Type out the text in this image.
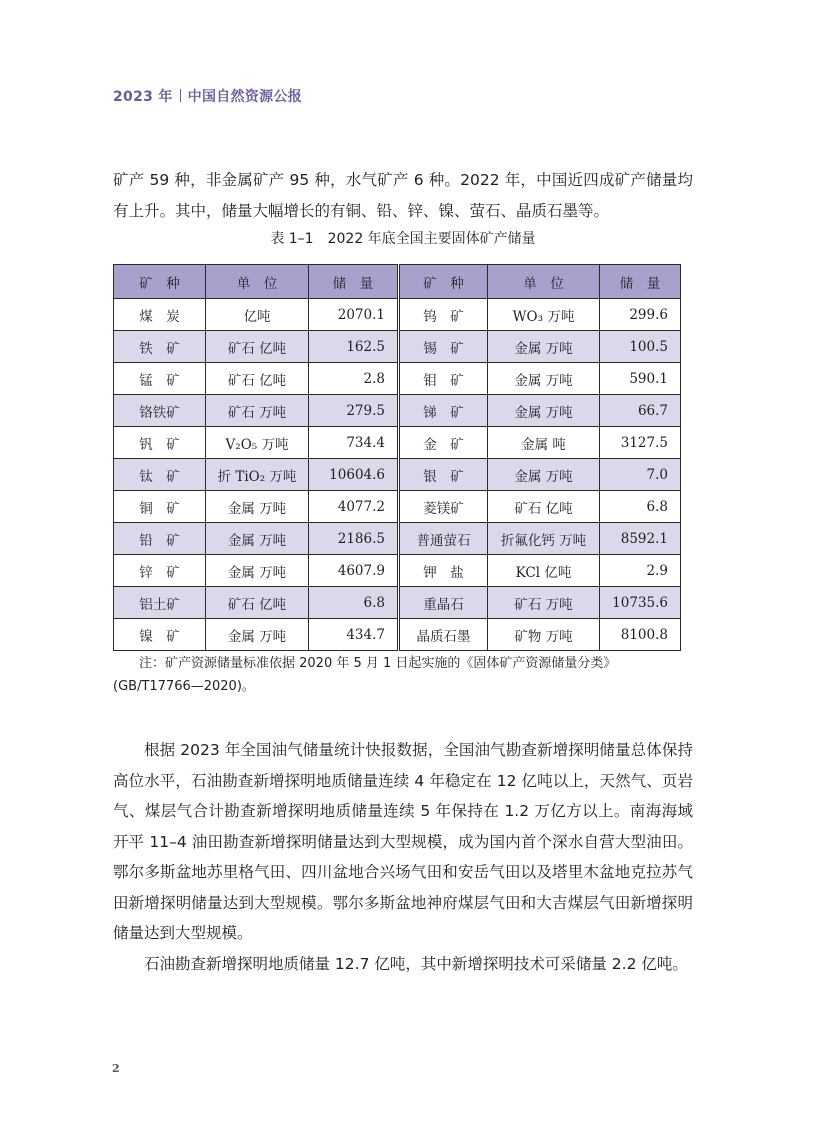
2023 年 中国自然资源公报

矿产 59 种，非金属矿产 95 种，水气矿产 6 种。2022 年，中国近四成矿产储量均有上升。其中，储量大幅增长的有铜、铅、锌、镍、萤石、晶质石墨等。

表 1–1　2022 年底全国主要固体矿产储量
矿　种	单　位	储　量	矿　种	单　位	储　量
煤　炭	亿吨	2070.1	钨　矿	WO₃ 万吨	299.6
铁　矿	矿石 亿吨	162.5	锡　矿	金属 万吨	100.5
锰　矿	矿石 亿吨	2.8	钼　矿	金属 万吨	590.1
铬铁矿	矿石 万吨	279.5	锑　矿	金属 万吨	66.7
钒　矿	V₂O₅ 万吨	734.4	金　矿	金属 吨	3127.5
钛　矿	折 TiO₂ 万吨	10604.6	银　矿	金属 万吨	7.0
铜　矿	金属 万吨	4077.2	菱镁矿	矿石 亿吨	6.8
铅　矿	金属 万吨	2186.5	普通萤石	折氟化钙 万吨	8592.1
锌　矿	金属 万吨	4607.9	钾　盐	KCl 亿吨	2.9
铝土矿	矿石 亿吨	6.8	重晶石	矿石 万吨	10735.6
镍　矿	金属 万吨	434.7	晶质石墨	矿物 万吨	8100.8

注：矿产资源储量标准依据 2020 年 5 月 1 日起实施的《固体矿产资源储量分类》(GB/T17766—2020)。

根据 2023 年全国油气储量统计快报数据，全国油气勘查新增探明储量总体保持高位水平，石油勘查新增探明地质储量连续 4 年稳定在 12 亿吨以上，天然气、页岩气、煤层气合计勘查新增探明地质储量连续 5 年保持在 1.2 万亿方以上。南海海域开平 11–4 油田勘查新增探明储量达到大型规模，成为国内首个深水自营大型油田。鄂尔多斯盆地苏里格气田、四川盆地合兴场气田和安岳气田以及塔里木盆地克拉苏气田新增探明储量达到大型规模。鄂尔多斯盆地神府煤层气田和大吉煤层气田新增探明储量达到大型规模。

石油勘查新增探明地质储量 12.7 亿吨，其中新增探明技术可采储量 2.2 亿吨。

2
